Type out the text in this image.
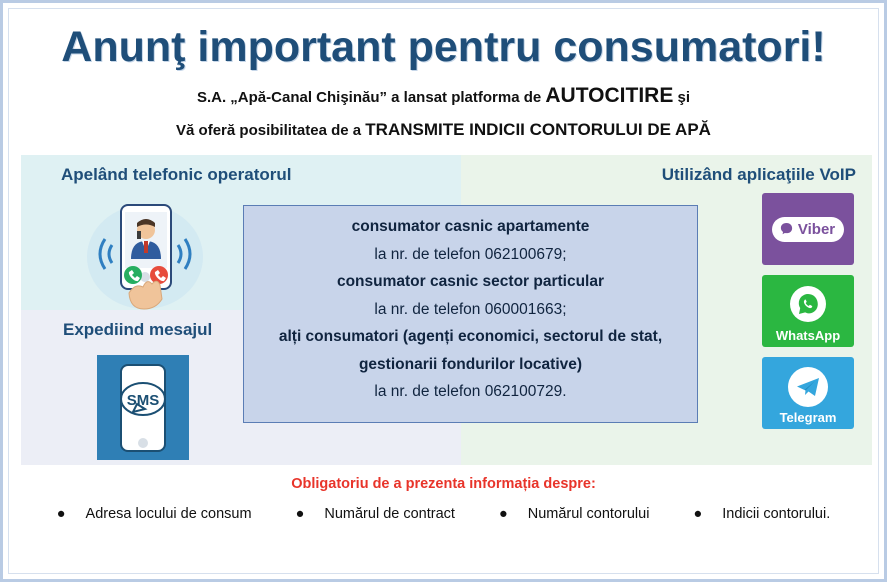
Anunţ important pentru consumatori!
S.A. „Apă-Canal Chişinău” a lansat platforma de AUTOCITIRE şi
Vă oferă posibilitatea de a TRANSMITE INDICII CONTORULUI DE APĂ
Apelând telefonic operatorul
Expediind mesajul
SMS
Utilizând aplicaţiile VoIP
Viber
WhatsApp
Telegram
consumator casnic apartamente
la nr. de telefon 062100679;
consumator casnic sector particular
la nr. de telefon 060001663;
alți consumatori (agenți economici, sectorul de stat,
gestionarii fondurilor locative)
la nr. de telefon 062100729.
Obligatoriu de a prezenta informația despre:
● Adresa locului de consum	● Numărul de contract	● Numărul contorului	● Indicii contorului.
